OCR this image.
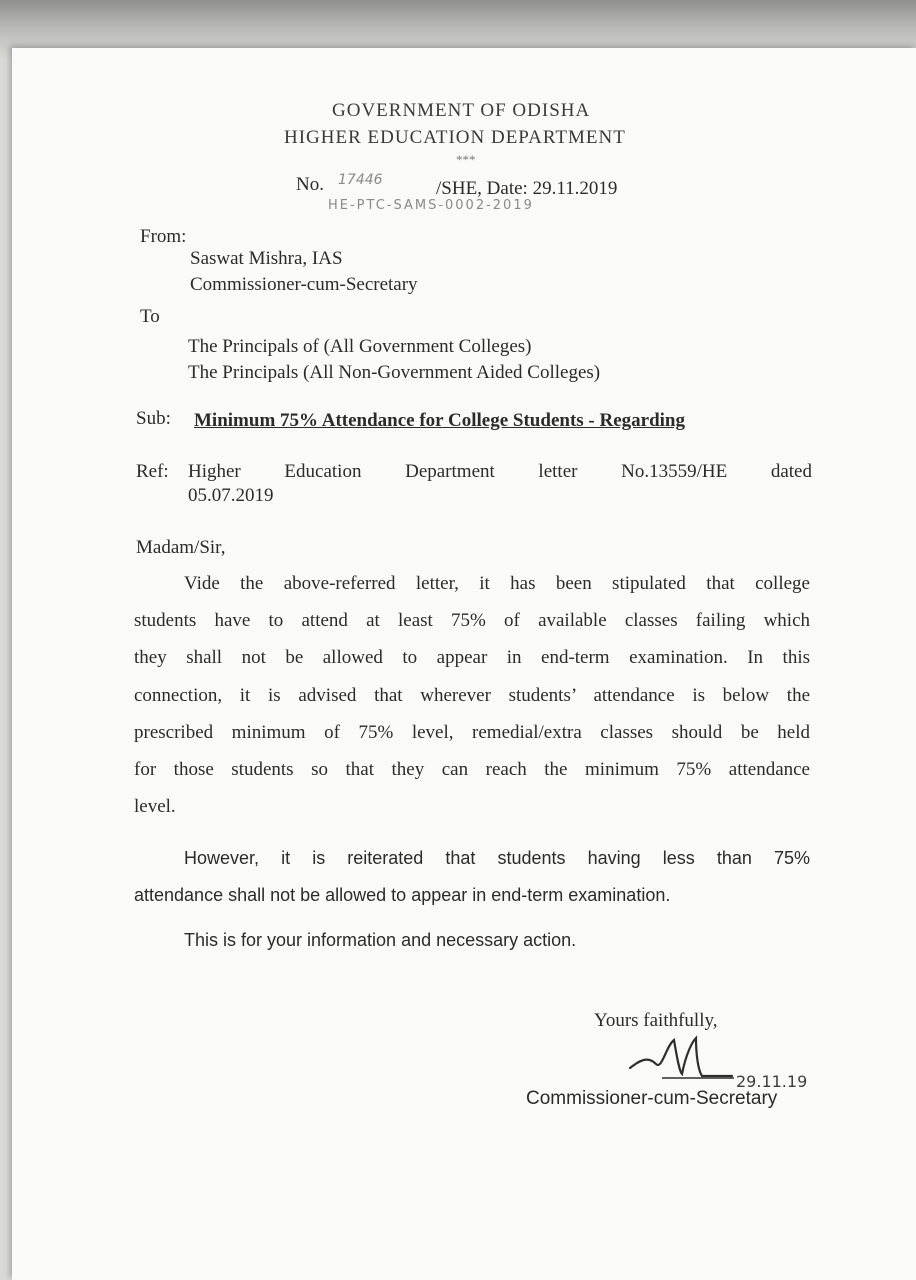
GOVERNMENT OF ODISHA
HIGHER EDUCATION DEPARTMENT
***
No. 17446	/SHE, Date: 29.11.2019
HE-PTC-SAMS-0002-2019
From:
Saswat Mishra, IAS
Commissioner-cum-Secretary
To
The Principals of (All Government Colleges)
The Principals (All Non-Government Aided Colleges)
Sub: Minimum 75% Attendance for College Students - Regarding
Ref: Higher Education Department letter No.13559/HE dated
05.07.2019
Madam/Sir,

Vide the above-referred letter, it has been stipulated that college

students have to attend at least 75% of available classes failing which

they shall not be allowed to appear in end-term examination. In this

connection, it is advised that wherever students’ attendance is below the

prescribed minimum of 75% level, remedial/extra classes should be held

for those students so that they can reach the minimum 75% attendance

level.

However, it is reiterated that students having less than 75%

attendance shall not be allowed to appear in end-term examination.

This is for your information and necessary action.
Yours faithfully,
29.11.19
Commissioner-cum-Secretary
